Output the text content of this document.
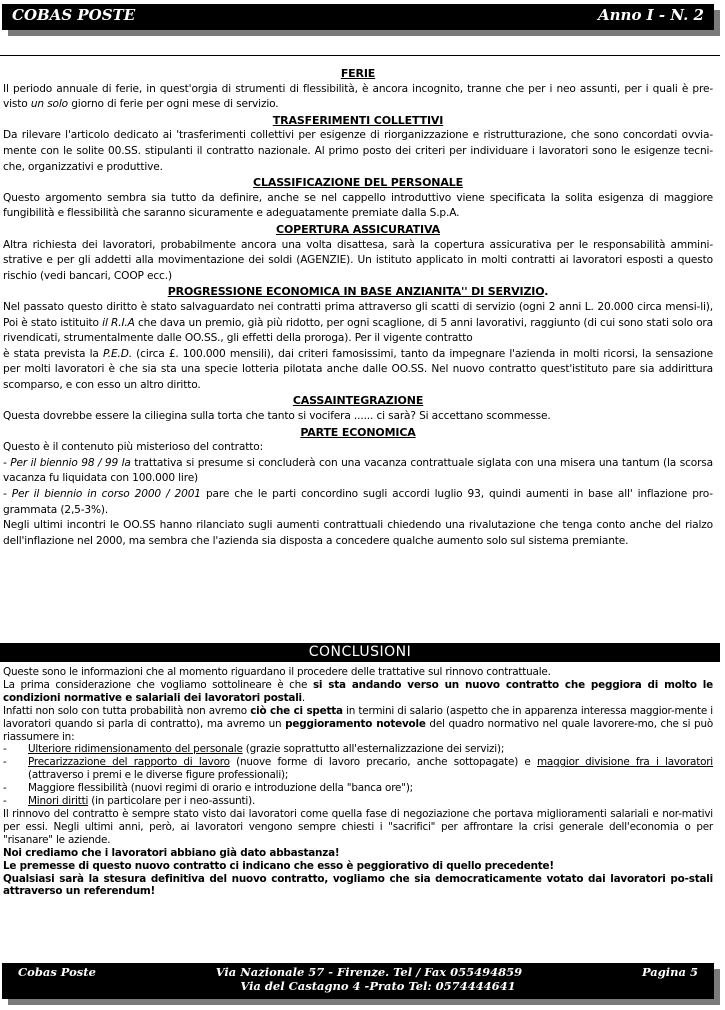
COBAS POSTE	Anno I - N. 2
FERIE

Il periodo annuale di ferie, in quest'orgia di strumenti di flessibilità, è ancora incognito, tranne che per i neo assunti, per i quali è pre-visto un solo giorno di ferie per ogni mese di servizio.

TRASFERIMENTI COLLETTIVI

Da rilevare l'articolo dedicato ai 'trasferimenti collettivi per esigenze di riorganizzazione e ristrutturazione, che sono concordati ovvia-mente con le solite 00.SS. stipulanti il contratto nazionale. Al primo posto dei criteri per individuare i lavoratori sono le esigenze tecni-che, organizzativi e produttive.

CLASSIFICAZIONE DEL PERSONALE

Questo argomento sembra sia tutto da definire, anche se nel cappello introduttivo viene specificata la solita esigenza di maggiore fungibilità e flessibilità che saranno sicuramente e adeguatamente premiate dalla S.p.A.

COPERTURA ASSICURATIVA

Altra richiesta dei lavoratori, probabilmente ancora una volta disattesa, sarà la copertura assicurativa per le responsabilità ammini-strative e per gli addetti alla movimentazione dei soldi (AGENZIE). Un istituto applicato in molti contratti ai lavoratori esposti a questo rischio (vedi bancari, COOP ecc.)

PROGRESSIONE ECONOMICA IN BASE ANZIANITA'' DI SERVIZIO.

Nel passato questo diritto è stato salvaguardato nei contratti prima attraverso gli scatti di servizio (ogni 2 anni L. 20.000 circa mensi-li), Poi è stato istituito il R.I.A che dava un premio, già più ridotto, per ogni scaglione, di 5 anni lavorativi, raggiunto (di cui sono stati solo ora rivendicati, strumentalmente dalle OO.SS., gli effetti della proroga). Per il vigente contratto

è stata prevista la P.E.D. (circa £. 100.000 mensili), dai criteri famosissimi, tanto da impegnare l'azienda in molti ricorsi, la sensazione per molti lavoratori è che sia sta una specie lotteria pilotata anche dalle OO.SS. Nel nuovo contratto quest'istituto pare sia addirittura scomparso, e con esso un altro diritto.

CASSAINTEGRAZIONE

Questa dovrebbe essere la ciliegina sulla torta che tanto si vocifera ...... ci sarà? Si accettano scommesse.

PARTE ECONOMICA

Questo è il contenuto più misterioso del contratto:

- Per il biennio 98 / 99 la trattativa si presume si concluderà con una vacanza contrattuale siglata con una misera una tantum (la scorsa vacanza fu liquidata con 100.000 lire)

- Per il biennio in corso 2000 / 2001 pare che le parti concordino sugli accordi luglio 93, quindi aumenti in base all' inflazione pro-grammata (2,5-3%).

Negli ultimi incontri le OO.SS hanno rilanciato sugli aumenti contrattuali chiedendo una rivalutazione che tenga conto anche del rialzo dell'inflazione nel 2000, ma sembra che l'azienda sia disposta a concedere qualche aumento solo sul sistema premiante.

CONCLUSIONI

Queste sono le informazioni che al momento riguardano il procedere delle trattative sul rinnovo contrattuale.

La prima considerazione che vogliamo sottolineare è che si sta andando verso un nuovo contratto che peggiora di molto le condizioni normative e salariali dei lavoratori postali.

Infatti non solo con tutta probabilità non avremo ciò che ci spetta in termini di salario (aspetto che in apparenza interessa maggior-mente i lavoratori quando si parla di contratto), ma avremo un peggioramento notevole del quadro normativo nel quale lavorere-mo, che si può riassumere in:

- Ulteriore ridimensionamento del personale (grazie soprattutto all'esternalizzazione dei servizi);
- Precarizzazione del rapporto di lavoro (nuove forme di lavoro precario, anche sottopagate) e maggior divisione fra i lavoratori (attraverso i premi e le diverse figure professionali);
- Maggiore flessibilità (nuovi regimi di orario e introduzione della "banca ore");
- Minori diritti (in particolare per i neo-assunti).

Il rinnovo del contratto è sempre stato visto dai lavoratori come quella fase di negoziazione che portava miglioramenti salariali e nor-mativi per essi. Negli ultimi anni, però, ai lavoratori vengono sempre chiesti i "sacrifici" per affrontare la crisi generale dell'economia o per "risanare" le aziende.

Noi crediamo che i lavoratori abbiano già dato abbastanza!

Le premesse di questo nuovo contratto ci indicano che esso è peggiorativo di quello precedente!

Qualsiasi sarà la stesura definitiva del nuovo contratto, vogliamo che sia democraticamente votato dai lavoratori po-stali attraverso un referendum!

Cobas Poste	Via Nazionale 57 - Firenze. Tel / Fax 055494859	Pagina 5
Via del Castagno 4 -Prato Tel: 0574444641
